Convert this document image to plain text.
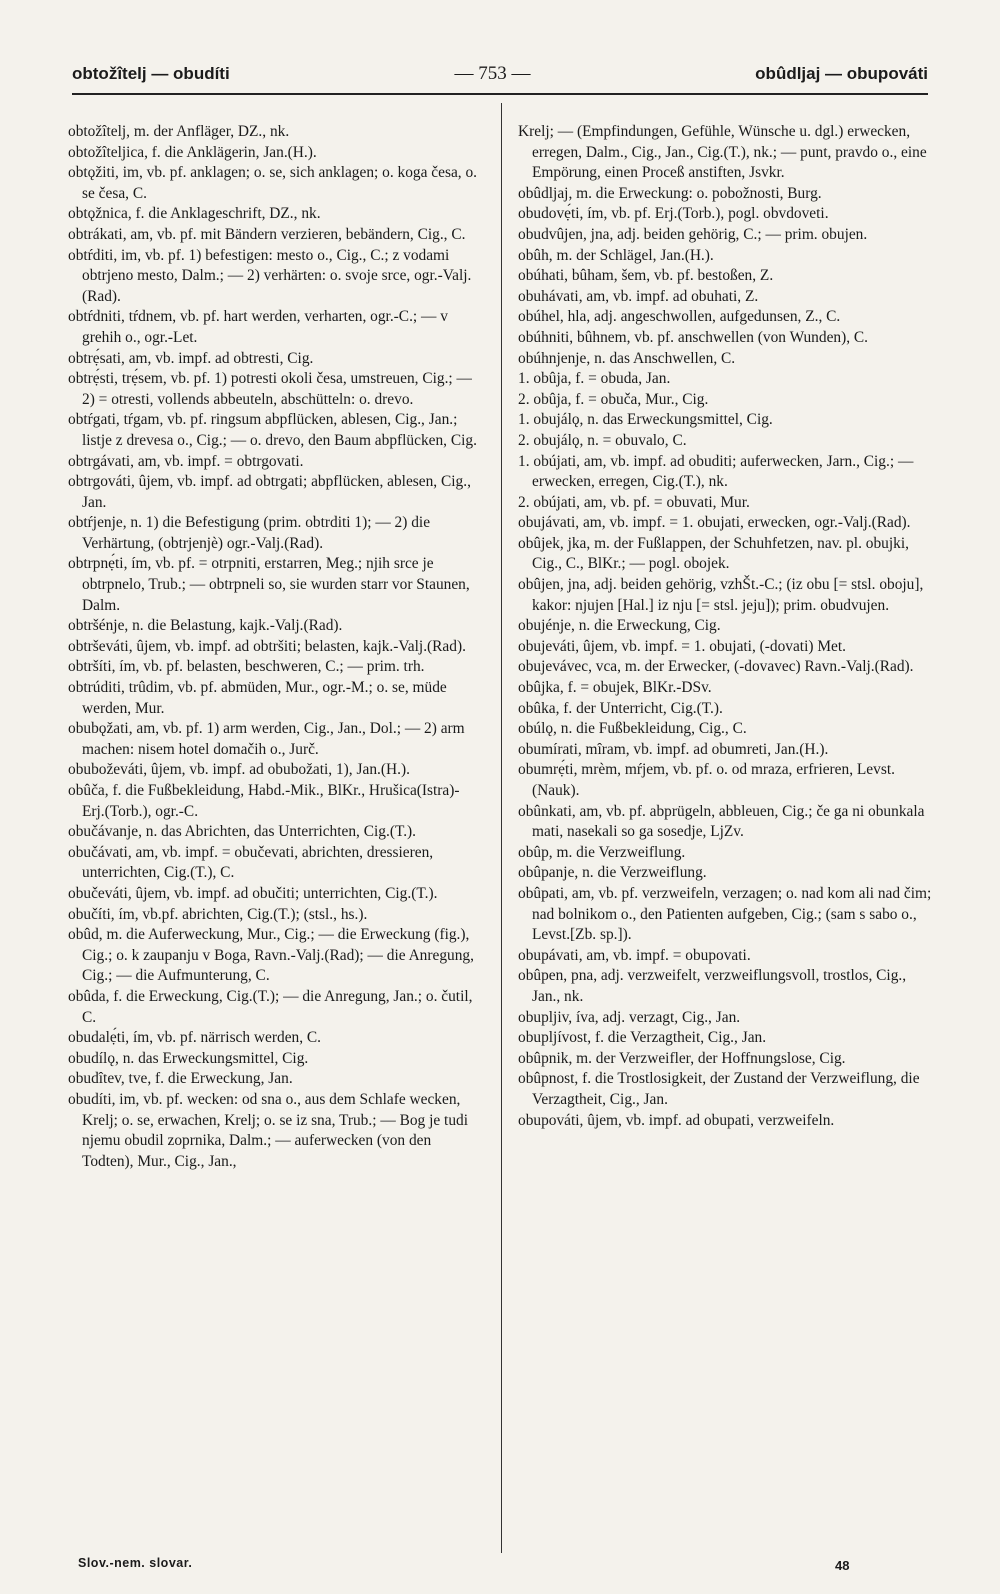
obtožîtelj — obudíti	— 753 —	obûdljaj — obupováti
obtožîtelj, m. der Anfläger, DZ., nk.
obtožîteljica, f. die Anklägerin, Jan.(H.).
obtǫžiti, im, vb. pf. anklagen; o. se, sich anklagen; o. koga česa, o. se česa, C.
obtǫžnica, f. die Anklageschrift, DZ., nk.
obtrákati, am, vb. pf. mit Bändern verzieren, bebändern, Cig., C.
obtŕditi, im, vb. pf. 1) befestigen: mesto o., Cig., C.; z vodami obtrjeno mesto, Dalm.; — 2) verhärten: o. svoje srce, ogr.-Valj.(Rad).
obtŕdniti, tŕdnem, vb. pf. hart werden, verharten, ogr.-C.; — v grehih o., ogr.-Let.
obtrẹ́sati, am, vb. impf. ad obtresti, Cig.
obtrẹ́sti, trẹ́sem, vb. pf. 1) potresti okoli česa, umstreuen, Cig.; — 2) = otresti, vollends abbeuteln, abschütteln: o. drevo.
obtŕgati, tŕgam, vb. pf. ringsum abpflücken, ablesen, Cig., Jan.; listje z drevesa o., Cig.; — o. drevo, den Baum abpflücken, Cig.
obtrgávati, am, vb. impf. = obtrgovati.
obtrgováti, ûjem, vb. impf. ad obtrgati; abpflücken, ablesen, Cig., Jan.
obtŕjenje, n. 1) die Befestigung (prim. obtrditi 1); — 2) die Verhärtung, (obtrjenjè) ogr.-Valj.(Rad).
obtrpnẹ́ti, ím, vb. pf. = otrpniti, erstarren, Meg.; njih srce je obtrpnelo, Trub.; — obtrpneli so, sie wurden starr vor Staunen, Dalm.
obtršénje, n. die Belastung, kajk.-Valj.(Rad).
obtrševáti, ûjem, vb. impf. ad obtršiti; belasten, kajk.-Valj.(Rad).
obtršíti, ím, vb. pf. belasten, beschweren, C.; — prim. trh.
obtrúditi, trûdim, vb. pf. abmüden, Mur., ogr.-M.; o. se, müde werden, Mur.
obubǫžati, am, vb. pf. 1) arm werden, Cig., Jan., Dol.; — 2) arm machen: nisem hotel domačih o., Jurč.
obuboževáti, ûjem, vb. impf. ad obubožati, 1), Jan.(H.).
obûča, f. die Fußbekleidung, Habd.-Mik., BlKr., Hrušica(Istra)- Erj.(Torb.), ogr.-C.
obučávanje, n. das Abrichten, das Unterrichten, Cig.(T.).
obučávati, am, vb. impf. = obučevati, abrichten, dressieren, unterrichten, Cig.(T.), C.
obučeváti, ûjem, vb. impf. ad obučiti; unterrichten, Cig.(T.).
obučíti, ím, vb.pf. abrichten, Cig.(T.); (stsl., hs.).
obûd, m. die Auferweckung, Mur., Cig.; — die Erweckung (fig.), Cig.; o. k zaupanju v Boga, Ravn.-Valj.(Rad); — die Anregung, Cig.; — die Aufmunterung, C.
obûda, f. die Erweckung, Cig.(T.); — die Anregung, Jan.; o. čutil, C.
obudalẹ́ti, ím, vb. pf. närrisch werden, C.
obudílǫ, n. das Erweckungsmittel, Cig.
obudîtev, tve, f. die Erweckung, Jan.
obudíti, im, vb. pf. wecken: od sna o., aus dem Schlafe wecken, Krelj; o. se, erwachen, Krelj; o. se iz sna, Trub.; — Bog je tudi njemu obudil zoprnika, Dalm.; — auferwecken (von den Todten), Mur., Cig., Jan.,
Krelj; — (Empfindungen, Gefühle, Wünsche u. dgl.) erwecken, erregen, Dalm., Cig., Jan., Cig.(T.), nk.; — punt, pravdo o., eine Empörung, einen Proceß anstiften, Jsvkr.
obûdljaj, m. die Erweckung: o. pobožnosti, Burg.
obudovẹ́ti, ím, vb. pf. Erj.(Torb.), pogl. obvdoveti.
obudvûjen, jna, adj. beiden gehörig, C.; — prim. obujen.
obûh, m. der Schlägel, Jan.(H.).
obúhati, bûham, šem, vb. pf. bestoßen, Z.
obuhávati, am, vb. impf. ad obuhati, Z.
obúhel, hla, adj. angeschwollen, aufgedunsen, Z., C.
obúhniti, bûhnem, vb. pf. anschwellen (von Wunden), C.
obúhnjenje, n. das Anschwellen, C.
1. obûja, f. = obuda, Jan.
2. obûja, f. = obuča, Mur., Cig.
1. obujálǫ, n. das Erweckungsmittel, Cig.
2. obujálǫ, n. = obuvalo, C.
1. obújati, am, vb. impf. ad obuditi; auferwecken, Jarn., Cig.; — erwecken, erregen, Cig.(T.), nk.
2. obújati, am, vb. pf. = obuvati, Mur.
obujávati, am, vb. impf. = 1. obujati, erwecken, ogr.-Valj.(Rad).
obûjek, jka, m. der Fußlappen, der Schuhfetzen, nav. pl. obujki, Cig., C., BlKr.; — pogl. obojek.
obûjen, jna, adj. beiden gehörig, vzhŠt.-C.; (iz obu [= stsl. oboju], kakor: njujen [Hal.] iz nju [= stsl. jeju]); prim. obudvujen.
obujénje, n. die Erweckung, Cig.
obujeváti, ûjem, vb. impf. = 1. obujati, (-dovati) Met.
obujevávec, vca, m. der Erwecker, (-dovavec) Ravn.-Valj.(Rad).
obûjka, f. = obujek, BlKr.-DSv.
obûka, f. der Unterricht, Cig.(T.).
obúlǫ, n. die Fußbekleidung, Cig., C.
obumírati, mîram, vb. impf. ad obumreti, Jan.(H.).
obumrẹ́ti, mrèm, mŕjem, vb. pf. o. od mraza, erfrieren, Levst.(Nauk).
obûnkati, am, vb. pf. abprügeln, abbleuen, Cig.; če ga ni obunkala mati, nasekali so ga sosedje, LjZv.
obûp, m. die Verzweiflung.
obûpanje, n. die Verzweiflung.
obûpati, am, vb. pf. verzweifeln, verzagen; o. nad kom ali nad čim; nad bolnikom o., den Patienten aufgeben, Cig.; (sam s sabo o., Levst.[Zb. sp.]).
obupávati, am, vb. impf. = obupovati.
obûpen, pna, adj. verzweifelt, verzweiflungsvoll, trostlos, Cig., Jan., nk.
obupljiv, íva, adj. verzagt, Cig., Jan.
obupljívost, f. die Verzagtheit, Cig., Jan.
obûpnik, m. der Verzweifler, der Hoffnungslose, Cig.
obûpnost, f. die Trostlosigkeit, der Zustand der Verzweiflung, die Verzagtheit, Cig., Jan.
obupováti, ûjem, vb. impf. ad obupati, verzweifeln.
Slov.-nem. slovar.	48
